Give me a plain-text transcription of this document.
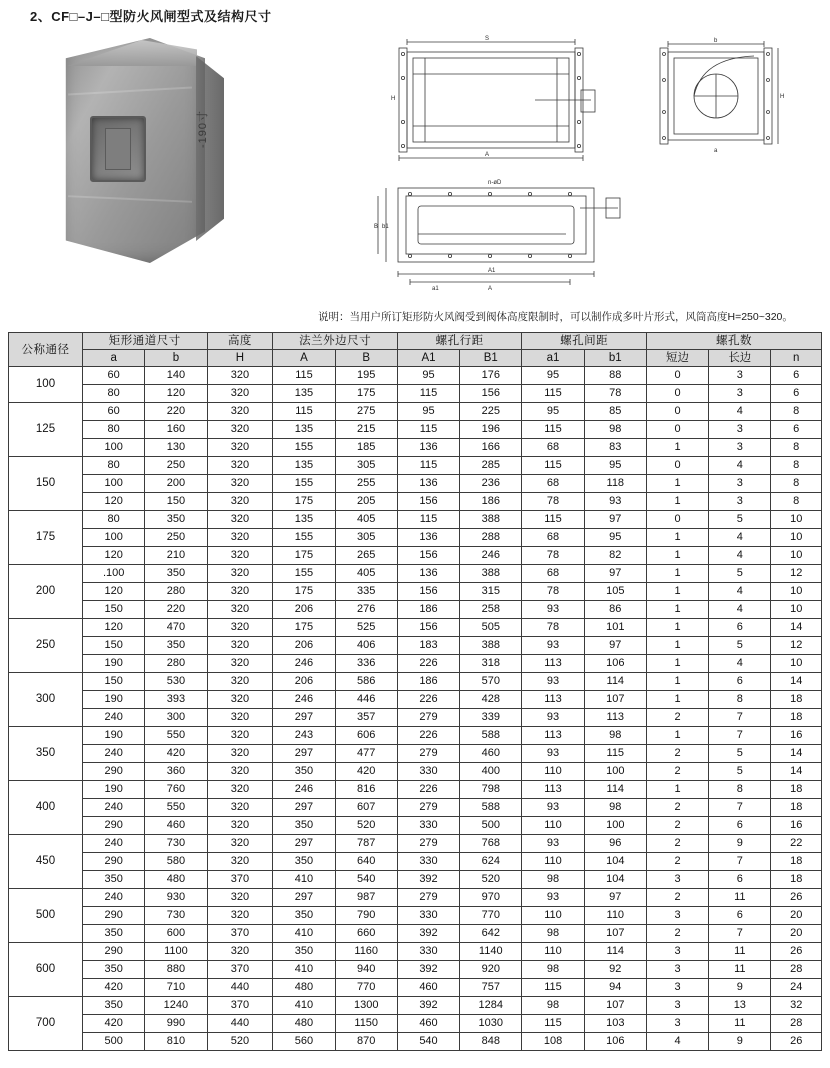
2、CF□–J–□型防火风闸型式及结构尺寸
-190寸
S
A
H
b
H
a
n-øD
b1
B
A1
A
a1
说明：当用户所订矩形防火风阀受到阀体高度限制时，可以制作成多叶片形式，风筒高度H=250~320。
公称通径	矩形通道尺寸		高度	法兰外边尺寸		螺孔行距		螺孔间距		螺孔数		
	a	b	H	A	B	A1	B1	a1	b1	短边	长边	n
100	60	140	320	115	195	95	176	95	88	0	3	6
	80	120	320	135	175	115	156	115	78	0	3	6
125	60	220	320	115	275	95	225	95	85	0	4	8
	80	160	320	135	215	115	196	115	98	0	3	6
	100	130	320	155	185	136	166	68	83	1	3	8
150	80	250	320	135	305	115	285	115	95	0	4	8
	100	200	320	155	255	136	236	68	118	1	3	8
	120	150	320	175	205	156	186	78	93	1	3	8
175	80	350	320	135	405	115	388	115	97	0	5	10
	100	250	320	155	305	136	288	68	95	1	4	10
	120	210	320	175	265	156	246	78	82	1	4	10
200	.100	350	320	155	405	136	388	68	97	1	5	12
	120	280	320	175	335	156	315	78	105	1	4	10
	150	220	320	206	276	186	258	93	86	1	4	10
250	120	470	320	175	525	156	505	78	101	1	6	14
	150	350	320	206	406	183	388	93	97	1	5	12
	190	280	320	246	336	226	318	113	106	1	4	10
300	150	530	320	206	586	186	570	93	114	1	6	14
	190	393	320	246	446	226	428	113	107	1	8	18
	240	300	320	297	357	279	339	93	113	2	7	18
350	190	550	320	243	606	226	588	113	98	1	7	16
	240	420	320	297	477	279	460	93	115	2	5	14
	290	360	320	350	420	330	400	110	100	2	5	14
400	190	760	320	246	816	226	798	113	114	1	8	18
	240	550	320	297	607	279	588	93	98	2	7	18
	290	460	320	350	520	330	500	110	100	2	6	16
450	240	730	320	297	787	279	768	93	96	2	9	22
	290	580	320	350	640	330	624	110	104	2	7	18
	350	480	370	410	540	392	520	98	104	3	6	18
500	240	930	320	297	987	279	970	93	97	2	11	26
	290	730	320	350	790	330	770	110	110	3	6	20
	350	600	370	410	660	392	642	98	107	2	7	20
600	290	1100	320	350	1160	330	1140	110	114	3	11	26
	350	880	370	410	940	392	920	98	92	3	11	28
	420	710	440	480	770	460	757	115	94	3	9	24
700	350	1240	370	410	1300	392	1284	98	107	3	13	32
	420	990	440	480	1150	460	1030	115	103	3	11	28
	500	810	520	560	870	540	848	108	106	4	9	26
